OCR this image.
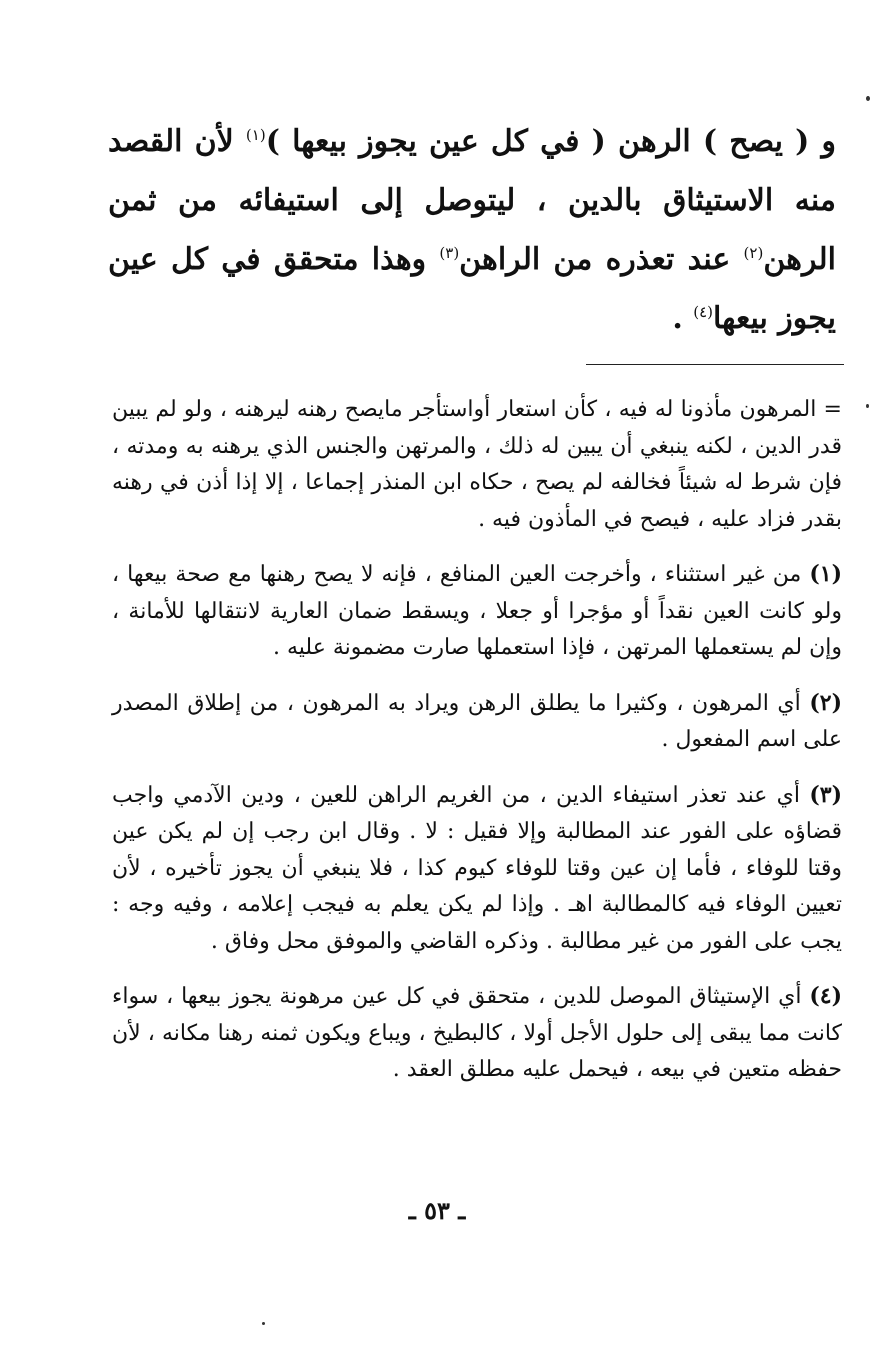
و ( يصح ) الرهن ( في كل عين يجوز بيعها )$^{(١)}$ لأن القصد منه الاستيثاق بالدين ، ليتوصل إلى استيفائه من ثمن الرهن$^{(٢)}$ عند تعذره من الراهن$^{(٣)}$ وهذا متحقق في كل عين يجوز بيعها$^{(٤)}$ .

= المرهون مأذونا له فيه ، كأن استعار أواستأجر مايصح رهنه ليرهنه ، ولو لم يبين قدر الدين ، لكنه ينبغي أن يبين له ذلك ، والمرتهن والجنس الذي يرهنه به ومدته ، فإن شرط له شيئاً فخالفه لم يصح ، حكاه ابن المنذر إجماعا ، إلا إذا أذن في رهنه بقدر فزاد عليه ، فيصح في المأذون فيه .

(١) من غير استثناء ، وأخرجت العين المنافع ، فإنه لا يصح رهنها مع صحة بيعها ، ولو كانت العين نقداً أو مؤجرا أو جعلا ، ويسقط ضمان العارية لانتقالها للأمانة ، وإن لم يستعملها المرتهن ، فإذا استعملها صارت مضمونة عليه .

(٢) أي المرهون ، وكثيرا ما يطلق الرهن ويراد به المرهون ، من إطلاق المصدر على اسم المفعول .

(٣) أي عند تعذر استيفاء الدين ، من الغريم الراهن للعين ، ودين الآدمي واجب قضاؤه على الفور عند المطالبة وإلا فقيل : لا . وقال ابن رجب إن لم يكن عين وقتا للوفاء ، فأما إن عين وقتا للوفاء كيوم كذا ، فلا ينبغي أن يجوز تأخيره ، لأن تعيين الوفاء فيه كالمطالبة اهـ . وإذا لم يكن يعلم به فيجب إعلامه ، وفيه وجه : يجب على الفور من غير مطالبة . وذكره القاضي والموفق محل وفاق .

(٤) أي الإستيثاق الموصل للدين ، متحقق في كل عين مرهونة يجوز بيعها ، سواء كانت مما يبقى إلى حلول الأجل أولا ، كالبطيخ ، ويباع ويكون ثمنه رهنا مكانه ، لأن حفظه متعين في بيعه ، فيحمل عليه مطلق العقد .

ـ ٥٣ ـ
